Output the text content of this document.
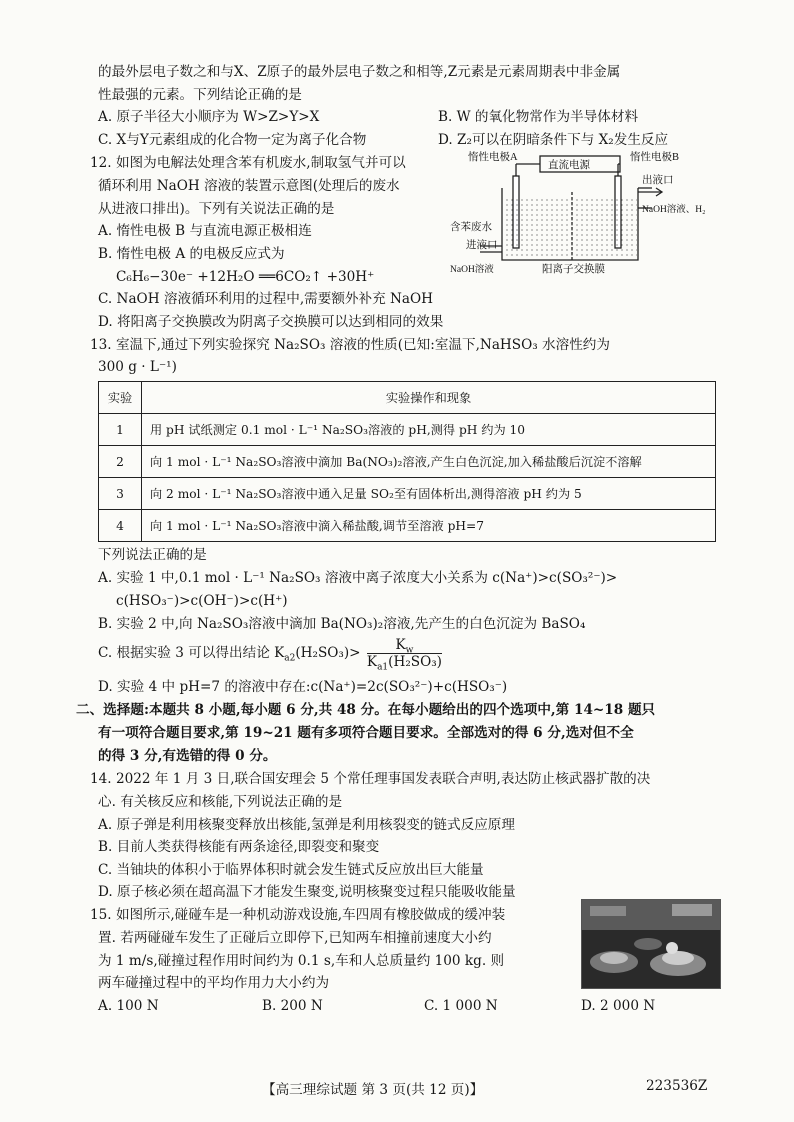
的最外层电子数之和与X、Z原子的最外层电子数之和相等,Z元素是元素周期表中非金属
性最强的元素。下列结论正确的是
A. 原子半径大小顺序为 W>Z>Y>X	B. W 的氧化物常作为半导体材料
C. X与Y元素组成的化合物一定为离子化合物	D. Z₂可以在阴暗条件下与 X₂发生反应
12. 如图为电解法处理含苯有机废水,制取氢气并可以
循环利用 NaOH 溶液的装置示意图(处理后的废水
从进液口排出)。下列有关说法正确的是
A. 惰性电极 B 与直流电源正极相连
B. 惰性电极 A 的电极反应式为
C₆H₆−30e⁻ +12H₂O ══6CO₂↑ +30H⁺
C. NaOH 溶液循环利用的过程中,需要额外补充 NaOH
D. 将阳离子交换膜改为阴离子交换膜可以达到相同的效果
惰性电极A
直流电源
惰性电极B
出液口
NaOH溶液、H₂
含苯废水
进液口
NaOH溶液	阳离子交换膜
13. 室温下,通过下列实验探究 Na₂SO₃ 溶液的性质(已知:室温下,NaHSO₃ 水溶性约为
300 g · L⁻¹)
实验	实验操作和现象
1	用 pH 试纸测定 0.1 mol · L⁻¹ Na₂SO₃溶液的 pH,测得 pH 约为 10
2	向 1 mol · L⁻¹ Na₂SO₃溶液中滴加 Ba(NO₃)₂溶液,产生白色沉淀,加入稀盐酸后沉淀不溶解
3	向 2 mol · L⁻¹ Na₂SO₃溶液中通入足量 SO₂至有固体析出,测得溶液 pH 约为 5
4	向 1 mol · L⁻¹ Na₂SO₃溶液中滴入稀盐酸,调节至溶液 pH=7
下列说法正确的是
A. 实验 1 中,0.1 mol · L⁻¹ Na₂SO₃ 溶液中离子浓度大小关系为 c(Na⁺)>c(SO₃²⁻)>
c(HSO₃⁻)>c(OH⁻)>c(H⁺)
B. 实验 2 中,向 Na₂SO₃溶液中滴加 Ba(NO₃)₂溶液,先产生的白色沉淀为 BaSO₄
C. 根据实验 3 可以得出结论 $K_{a2}(H_2SO_3)> \frac{K_w}{K_{a1}(H_2SO_3)}$
D. 实验 4 中 pH=7 的溶液中存在:c(Na⁺)=2c(SO₃²⁻)+c(HSO₃⁻)
二、选择题:本题共 8 小题,每小题 6 分,共 48 分。在每小题给出的四个选项中,第 14~18 题只
有一项符合题目要求,第 19~21 题有多项符合题目要求。全部选对的得 6 分,选对但不全
的得 3 分,有选错的得 0 分。
14. 2022 年 1 月 3 日,联合国安理会 5 个常任理事国发表联合声明,表达防止核武器扩散的决
心. 有关核反应和核能,下列说法正确的是
A. 原子弹是利用核聚变释放出核能,氢弹是利用核裂变的链式反应原理
B. 目前人类获得核能有两条途径,即裂变和聚变
C. 当铀块的体积小于临界体积时就会发生链式反应放出巨大能量
D. 原子核必须在超高温下才能发生聚变,说明核聚变过程只能吸收能量
15. 如图所示,碰碰车是一种机动游戏设施,车四周有橡胶做成的缓冲装
置. 若两碰碰车发生了正碰后立即停下,已知两车相撞前速度大小约
为 1 m/s,碰撞过程作用时间约为 0.1 s,车和人总质量约 100 kg. 则
两车碰撞过程中的平均作用力大小约为
A. 100 N	B. 200 N	C. 1 000 N	D. 2 000 N
【高三理综试题 第 3 页(共 12 页)】	223536Z
